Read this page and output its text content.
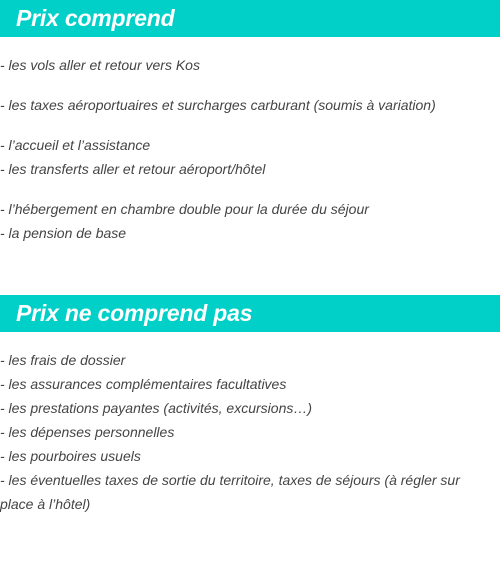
Prix comprend
- les vols aller et retour vers Kos
- les taxes aéroportuaires et surcharges carburant (soumis à variation)
- l’accueil et l’assistance
- les transferts aller et retour aéroport/hôtel
- l’hébergement en chambre double pour la durée du séjour
- la pension de base
Prix ne comprend pas
- les frais de dossier
- les assurances complémentaires facultatives
- les prestations payantes (activités, excursions…)
- les dépenses personnelles
- les pourboires usuels
- les éventuelles taxes de sortie du territoire, taxes de séjours (à régler sur place à l’hôtel)
